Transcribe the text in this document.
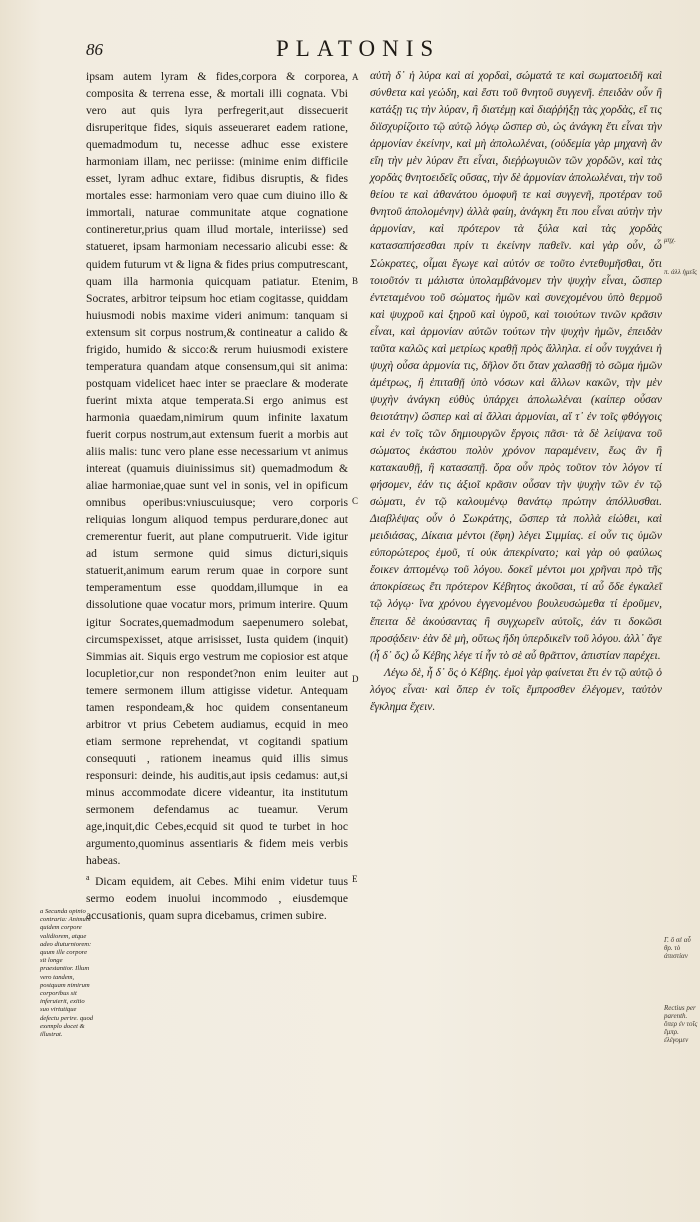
86	PLATONIS

ipsam autem lyram & fides,corpora & corporea, composita & terrena esse, & mortali illi cognata. Vbi vero aut quis lyra perfregerit,aut dissecuerit disruperitque fides, siquis asseueraret eadem ratione, quemadmodum tu, necesse adhuc esse existere harmoniam illam, nec periisse: (minime enim difficile esset, lyram adhuc extare, fidibus disruptis, & fides mortales esse: harmoniam vero quae cum diuino illo & immortali, naturae communitate atque cognatione contineretur,prius quam illud mortale, interiisse) sed statueret, ipsam harmoniam necessario alicubi esse: & quidem futurum vt & ligna & fides prius computrescant, quam illa harmonia quicquam patiatur. Etenim, Socrates, arbitror teipsum hoc etiam cogitasse, quiddam huiusmodi nobis maxime videri animum: tanquam si extensum sit corpus nostrum,& contineatur a calido & frigido, humido & sicco:& rerum huiusmodi existere temperatura quandam atque consensum,qui sit anima: postquam videlicet haec inter se praeclare & moderate fuerint mixta atque temperata.Si ergo animus est harmonia quaedam,nimirum quum infinite laxatum fuerit corpus nostrum,aut extensum fuerit a morbis aut aliis malis: tunc vero plane esse necessarium vt animus intereat (quamuis diuinissimus sit) quemadmodum & aliae harmoniae,quae sunt vel in sonis, vel in opificum omnibus operibus:vniuscuiusque; vero corporis reliquias longum aliquod tempus perdurare,donec aut cremerentur fuerit, aut plane computruerit. Vide igitur ad istum sermone quid simus dicturi,siquis statuerit,animum earum rerum quae in corpore sunt temperamentum esse quoddam,illumque in ea dissolutione quae vocatur mors, primum interire. Quum igitur Socrates,quemadmodum saepenumero solebat, circumspexisset, atque arrisisset, Iusta quidem (inquit) Simmias ait. Siquis ergo vestrum me copiosior est atque locupletior,cur non respondet?non enim leuiter aut temere sermonem illum attigisse videtur. Antequam tamen respondeam,& hoc quidem consentaneum arbitror vt prius Cebetem audiamus, ecquid in meo etiam sermone reprehendat, vt cogitandi spatium consequuti , rationem ineamus quid illis simus responsuri: deinde, his auditis,aut ipsis cedamus: aut,si minus accommodate dicere videantur, ita institutum sermonem defendamus ac tueamur. Verum age,inquit,dic Cebes,ecquid sit quod te turbet in hoc argumento,quominus assentiaris & fidem meis verbis habeas.

$^a$ Dicam equidem, ait Cebes. Mihi enim videtur tuus sermo eodem inuolui incommodo , eiusdemque accusationis, quam supra dicebamus, crimen subire.

A
B
C
D
E

αὐτὴ δ᾽ ἡ λύρα καὶ αἱ χορδαὶ, σώματά τε καὶ σωματοειδῆ καὶ σύνθετα καὶ γεώδη, καὶ ἔστι τοῦ θνητοῦ συγγενῆ. ἐπειδὰν οὖν ἢ κατάξῃ τις τὴν λύραν, ἢ διατέμῃ καὶ διαῤῥήξῃ τὰς χορδὰς, εἴ τις διϊσχυρίζοιτο τῷ αὐτῷ λόγῳ ὥσπερ σὺ, ὡς ἀνάγκη ἔτι εἶναι τὴν ἁρμονίαν ἐκείνην, καὶ μὴ ἀπολωλέναι, (οὐδεμία γὰρ μηχανὴ ἂν εἴη τὴν μὲν λύραν ἔτι εἶναι, διεῤῥωγυιῶν τῶν χορδῶν, καὶ τὰς χορδὰς θνητοειδεῖς οὔσας, τὴν δὲ ἁρμονίαν ἀπολωλέναι, τὴν τοῦ θείου τε καὶ ἀθανάτου ὁμοφυῆ τε καὶ συγγενῆ, προτέραν τοῦ θνητοῦ ἀπολομένην) ἀλλὰ φαίη, ἀνάγκη ἔτι που εἶναι αὐτὴν τὴν ἁρμονίαν, καὶ πρότερον τὰ ξύλα καὶ τὰς χορδὰς κατασαπήσεσθαι πρίν τι ἐκείνην παθεῖν. καὶ γὰρ οὖν, ὦ Σώκρατες, οἶμαι ἔγωγε καὶ αὐτόν σε τοῦτο ἐντεθυμῆσθαι, ὅτι τοιοῦτόν τι μάλιστα ὑπολαμβάνομεν τὴν ψυχὴν εἶναι, ὥσπερ ἐντεταμένου τοῦ σώματος ἡμῶν καὶ συνεχομένου ὑπὸ θερμοῦ καὶ ψυχροῦ καὶ ξηροῦ καὶ ὑγροῦ, καὶ τοιούτων τινῶν κρᾶσιν εἶναι, καὶ ἁρμονίαν αὐτῶν τούτων τὴν ψυχὴν ἡμῶν, ἐπειδὰν ταῦτα καλῶς καὶ μετρίως κραθῇ πρὸς ἄλληλα. εἰ οὖν τυγχάνει ἡ ψυχὴ οὖσα ἁρμονία τις, δῆλον ὅτι ὅταν χαλασθῇ τὸ σῶμα ἡμῶν ἀμέτρως, ἢ ἐπιταθῇ ὑπὸ νόσων καὶ ἄλλων κακῶν, τὴν μὲν ψυχὴν ἀνάγκη εὐθὺς ὑπάρχει ἀπολωλέναι (καίπερ οὖσαν θειοτάτην) ὥσπερ καὶ αἱ ἄλλαι ἁρμονίαι, αἵ τ᾽ ἐν τοῖς φθόγγοις καὶ ἐν τοῖς τῶν δημιουργῶν ἔργοις πᾶσι· τὰ δὲ λείψανα τοῦ σώματος ἑκάστου πολὺν χρόνον παραμένειν, ἕως ἂν ἢ κατακαυθῇ, ἢ κατασαπῇ. ὅρα οὖν πρὸς τοῦτον τὸν λόγον τί φήσομεν, ἐάν τις ἀξιοῖ κρᾶσιν οὖσαν τὴν ψυχὴν τῶν ἐν τῷ σώματι, ἐν τῷ καλουμένῳ θανάτῳ πρώτην ἀπόλλυσθαι. Διαβλέψας οὖν ὁ Σωκράτης, ὥσπερ τὰ πολλὰ εἰώθει, καὶ μειδιάσας, Δίκαια μέντοι (ἔφη) λέγει Σιμμίας. εἰ οὖν τις ὑμῶν εὐπορώτερος ἐμοῦ, τί οὐκ ἀπεκρίνατο; καὶ γὰρ οὐ φαύλως ἔοικεν ἁπτομένῳ τοῦ λόγου. δοκεῖ μέντοι μοι χρῆναι πρὸ τῆς ἀποκρίσεως ἔτι πρότερον Κέβητος ἀκοῦσαι, τί αὖ ὅδε ἐγκαλεῖ τῷ λόγῳ· ἵνα χρόνου ἐγγενομένου βουλευσώμεθα τί ἐροῦμεν, ἔπειτα δὲ ἀκούσαντας ἢ συγχωρεῖν αὐτοῖς, ἐάν τι δοκῶσι προσᾴδειν· ἐὰν δὲ μὴ, οὕτως ἤδη ὑπερδικεῖν τοῦ λόγου. ἀλλ᾽ ἄγε (ἦ δ᾽ ὅς) ὦ Κέβης λέγε τί ἦν τὸ σὲ αὖ θρᾶττον, ἀπιστίαν παρέχει.

Λέγω δὲ, ἦ δ᾽ ὃς ὁ Κέβης. ἐμοὶ γὰρ φαίνεται ἔτι ἐν τῷ αὐτῷ ὁ λόγος εἶναι· καὶ ὅπερ ἐν τοῖς ἔμπροσθεν ἐλέγομεν, ταὐτὸν ἔγκλημα ἔχειν.

a Secunda opinio contraria: Animum quidem corpore validiorem, atque adeo diuturniorem: quum ille corpore sit longe praestantior. Illum vero tandem, postquam nimirum corporibus sit inferuierit, exitio suo virtutique defectu perire. quod exemplo docet & illustrat.
π. ἀλλ ἡμεῖς
μηχ.
Γ. ὃ σὲ αὖ θρ. τὸ ἀπιστίαν
Rectius per parenth. ὅπερ ἐν τοῖς ἔμπρ. ἐλέγομεν
